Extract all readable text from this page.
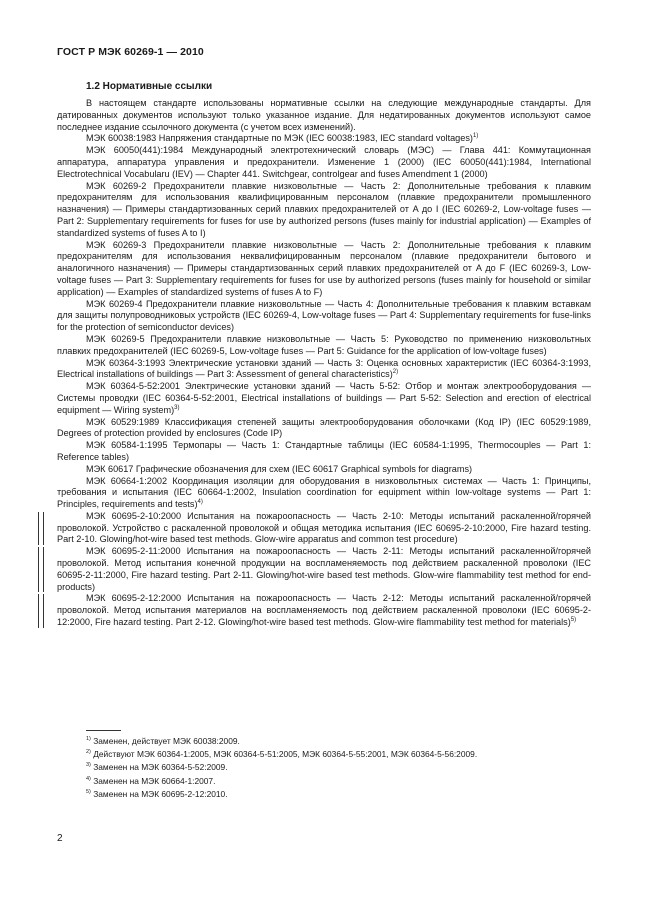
ГОСТ Р МЭК 60269-1 — 2010
1.2 Нормативные ссылки

В настоящем стандарте использованы нормативные ссылки на следующие международные стандарты. Для датированных документов используют только указанное издание. Для недатированных документов используют самое последнее издание ссылочного документа (с учетом всех изменений).

МЭК 60038:1983 Напряжения стандартные по МЭК (IEC 60038:1983, IEC standard voltages)$^{1)}$

МЭК 60050(441):1984 Международный электротехнический словарь (МЭС) — Глава 441: Коммутационная аппаратура, аппаратура управления и предохранители. Изменение 1 (2000) (IEC 60050(441):1984, International Electrotechnical Vocabularu (IEV) — Chapter 441. Switchgear, controlgear and fuses Amendment 1 (2000)

МЭК 60269-2 Предохранители плавкие низковольтные — Часть 2: Дополнительные требования к плавким предохранителям для использования квалифицированным персоналом (плавкие предохранители промышленного назначения) — Примеры стандартизованных серий плавких предохранителей от A до I (IEC 60269-2, Low-voltage fuses — Part 2: Supplementary requirements for fuses for use by authorized persons (fuses mainly for industrial application) — Examples of standardized systems of fuses A to I)

МЭК 60269-3 Предохранители плавкие низковольтные — Часть 2: Дополнительные требования к плавким предохранителям для использования неквалифицированным персоналом (плавкие предохранители бытового и аналогичного назначения) — Примеры стандартизованных серий плавких предохранителей от A до F (IEC 60269-3, Low-voltage fuses — Part 3: Supplementary requirements for fuses for use by authorized persons (fuses mainly for household or similar application) — Examples of standardized systems of fuses A to F)

МЭК 60269-4 Предохранители плавкие низковольтные — Часть 4: Дополнительные требования к плавким вставкам для защиты полупроводниковых устройств (IEC 60269-4, Low-voltage fuses — Part 4: Supplementary requirements for fuse-links for the protection of semiconductor devices)

МЭК 60269-5 Предохранители плавкие низковольтные — Часть 5: Руководство по применению низковольтных плавких предохранителей (IEC 60269-5, Low-voltage fuses — Part 5: Guidance for the application of low-voltage fuses)

МЭК 60364-3:1993 Электрические установки зданий — Часть 3: Оценка основных характеристик (IEC 60364-3:1993, Electrical installations of buildings — Part 3: Assessment of general characteristics)$^{2)}$

МЭК 60364-5-52:2001 Электрические установки зданий — Часть 5-52: Отбор и монтаж электрооборудования — Системы проводки (IEC 60364-5-52:2001, Electrical installations of buildings — Part 5-52: Selection and erection of electrical equipment — Wiring system)$^{3)}$

МЭК 60529:1989 Классификация степеней защиты электрооборудования оболочками (Код IP) (IEC 60529:1989, Degrees of protection provided by enclosures (Code IP)

МЭК 60584-1:1995 Термопары — Часть 1: Стандартные таблицы (IEC 60584-1:1995, Thermocouples — Part 1: Reference tables)

МЭК 60617 Графические обозначения для схем (IEC 60617 Graphical symbols for diagrams)

МЭК 60664-1:2002 Координация изоляции для оборудования в низковольтных системах — Часть 1: Принципы, требования и испытания (IEC 60664-1:2002, Insulation coordination for equipment within low-voltage systems — Part 1: Principles, requirements and tests)$^{4)}$

МЭК 60695-2-10:2000 Испытания на пожароопасность — Часть 2-10: Методы испытаний раскаленной/горячей проволокой. Устройство с раскаленной проволокой и общая методика испытания (IEC 60695-2-10:2000, Fire hazard testing. Part 2-10. Glowing/hot-wire based test methods. Glow-wire apparatus and common test procedure)

МЭК 60695-2-11:2000 Испытания на пожароопасность — Часть 2-11: Методы испытаний раскаленной/горячей проволокой. Метод испытания конечной продукции на воспламеняемость под действием раскаленной проволоки (IEC 60695-2-11:2000, Fire hazard testing. Part 2-11. Glowing/hot-wire based test methods. Glow-wire flammability test method for end-products)

МЭК 60695-2-12:2000 Испытания на пожароопасность — Часть 2-12: Методы испытаний раскаленной/горячей проволокой. Метод испытания материалов на воспламеняемость под действием раскаленной проволоки (IEC 60695-2-12:2000, Fire hazard testing. Part 2-12. Glowing/hot-wire based test methods. Glow-wire flammability test method for materials)$^{5)}$

$^{1)}$ Заменен, действует МЭК 60038:2009.
$^{2)}$ Действуют МЭК 60364-1:2005, МЭК 60364-5-51:2005, МЭК 60364-5-55:2001, МЭК 60364-5-56:2009.
$^{3)}$ Заменен на МЭК 60364-5-52:2009.
$^{4)}$ Заменен на МЭК 60664-1:2007.
$^{5)}$ Заменен на МЭК 60695-2-12:2010.
2
